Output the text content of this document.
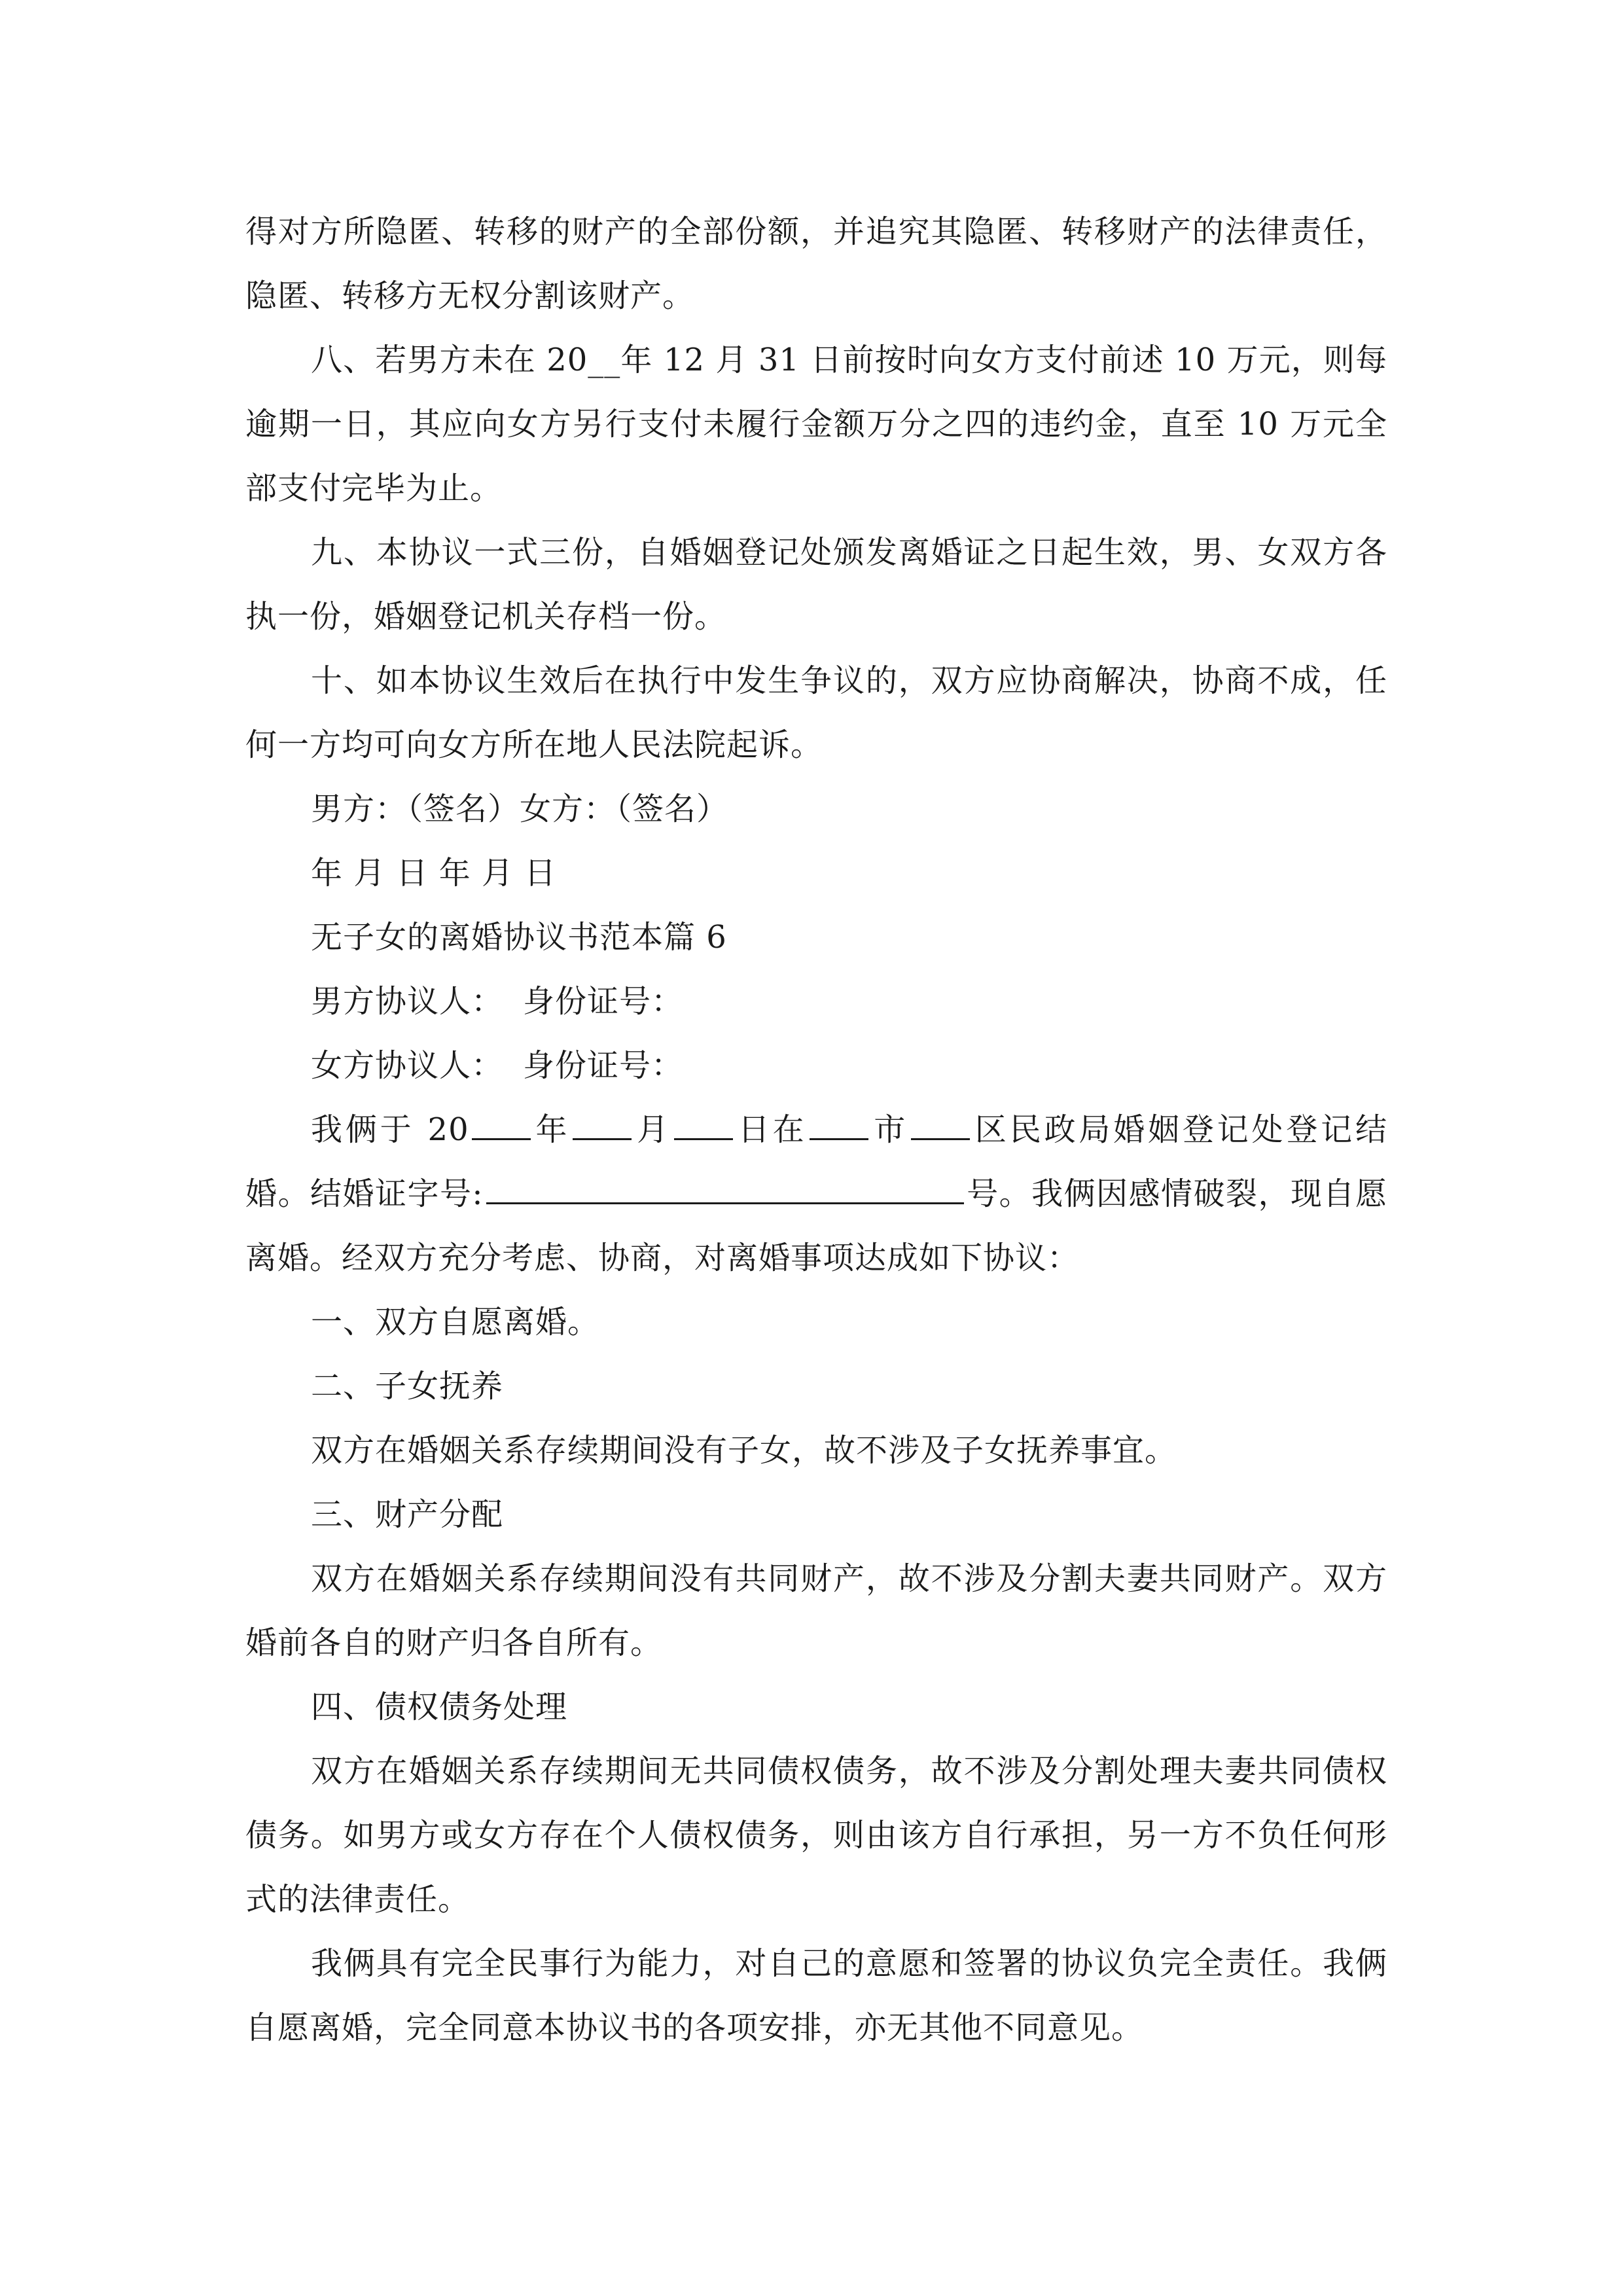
得对方所隐匿、转移的财产的全部份额，并追究其隐匿、转移财产的法律责任，隐匿、转移方无权分割该财产。

八、若男方未在 20__年 12 月 31 日前按时向女方支付前述 10 万元，则每逾期一日，其应向女方另行支付未履行金额万分之四的违约金，直至 10 万元全部支付完毕为止。

九、本协议一式三份，自婚姻登记处颁发离婚证之日起生效，男、女双方各执一份，婚姻登记机关存档一份。

十、如本协议生效后在执行中发生争议的，双方应协商解决，协商不成，任何一方均可向女方所在地人民法院起诉。

男方：（签名）女方：（签名）

年 月 日 年 月 日

无子女的离婚协议书范本篇 6

男方协议人： 身份证号：

女方协议人： 身份证号：

我俩于 20 年 月 日在 市 区民政局婚姻登记处登记结婚。结婚证字号:	号。我俩因感情破裂，现自愿离婚。经双方充分考虑、协商，对离婚事项达成如下协议：

一、双方自愿离婚。

二、子女抚养

双方在婚姻关系存续期间没有子女，故不涉及子女抚养事宜。

三、财产分配

双方在婚姻关系存续期间没有共同财产，故不涉及分割夫妻共同财产。双方婚前各自的财产归各自所有。

四、债权债务处理

双方在婚姻关系存续期间无共同债权债务，故不涉及分割处理夫妻共同债权债务。如男方或女方存在个人债权债务，则由该方自行承担，另一方不负任何形式的法律责任。

我俩具有完全民事行为能力，对自己的意愿和签署的协议负完全责任。我俩自愿离婚，完全同意本协议书的各项安排，亦无其他不同意见。
